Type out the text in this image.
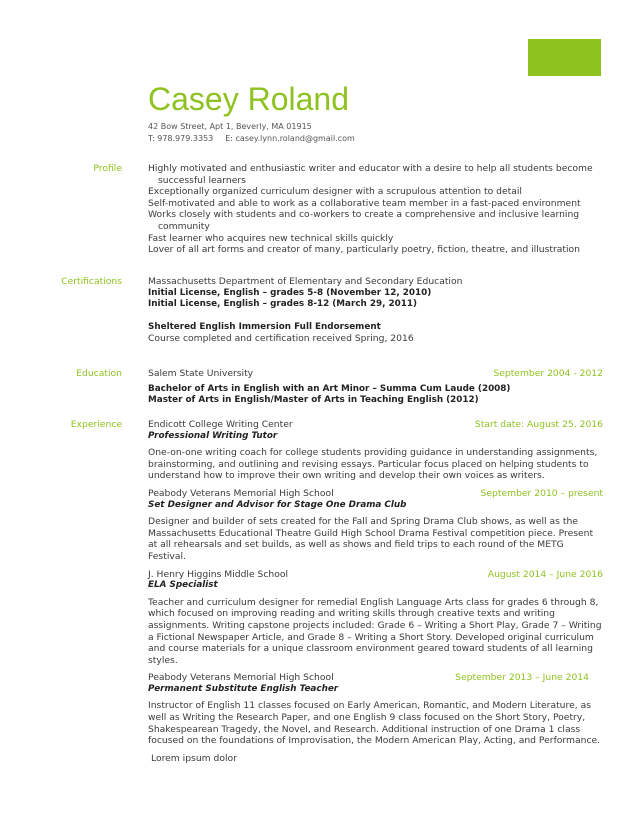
Casey Roland
42 Bow Street, Apt 1, Beverly, MA 01915
T: 978.979.3353 E: casey.lynn.roland@gmail.com
Profile	Highly motivated and enthusiastic writer and educator with a desire to help all students become
successful learners
Exceptionally organized curriculum designer with a scrupulous attention to detail
Self-motivated and able to work as a collaborative team member in a fast-paced environment
Works closely with students and co-workers to create a comprehensive and inclusive learning
community
Fast learner who acquires new technical skills quickly
Lover of all art forms and creator of many, particularly poetry, fiction, theatre, and illustration
Certifications	Massachusetts Department of Elementary and Secondary Education
Initial License, English – grades 5-8 (November 12, 2010)
Initial License, English – grades 8-12 (March 29, 2011)
Sheltered English Immersion Full Endorsement
Course completed and certification received Spring, 2016
Education	Salem State University	September 2004 - 2012
Bachelor of Arts in English with an Art Minor – Summa Cum Laude (2008)
Master of Arts in English/Master of Arts in Teaching English (2012)
Experience	Endicott College Writing Center	Start date: August 25, 2016
Professional Writing Tutor
One-on-one writing coach for college students providing guidance in understanding assignments, brainstorming, and outlining and revising essays. Particular focus placed on helping students to understand how to improve their own writing and develop their own voices as writers.
Peabody Veterans Memorial High School	September 2010 – present
Set Designer and Advisor for Stage One Drama Club
Designer and builder of sets created for the Fall and Spring Drama Club shows, as well as the Massachusetts Educational Theatre Guild High School Drama Festival competition piece. Present at all rehearsals and set builds, as well as shows and field trips to each round of the METG Festival.
J. Henry Higgins Middle School	August 2014 – June 2016
ELA Specialist
Teacher and curriculum designer for remedial English Language Arts class for grades 6 through 8, which focused on improving reading and writing skills through creative texts and writing assignments. Writing capstone projects included: Grade 6 – Writing a Short Play, Grade 7 – Writing a Fictional Newspaper Article, and Grade 8 – Writing a Short Story. Developed original curriculum and course materials for a unique classroom environment geared toward students of all learning styles.
Peabody Veterans Memorial High School	September 2013 – June 2014
Permanent Substitute English Teacher
Instructor of English 11 classes focused on Early American, Romantic, and Modern Literature, as well as Writing the Research Paper, and one English 9 class focused on the Short Story, Poetry, Shakespearean Tragedy, the Novel, and Research. Additional instruction of one Drama 1 class focused on the foundations of Improvisation, the Modern American Play, Acting, and Performance.
Lorem ipsum dolor
